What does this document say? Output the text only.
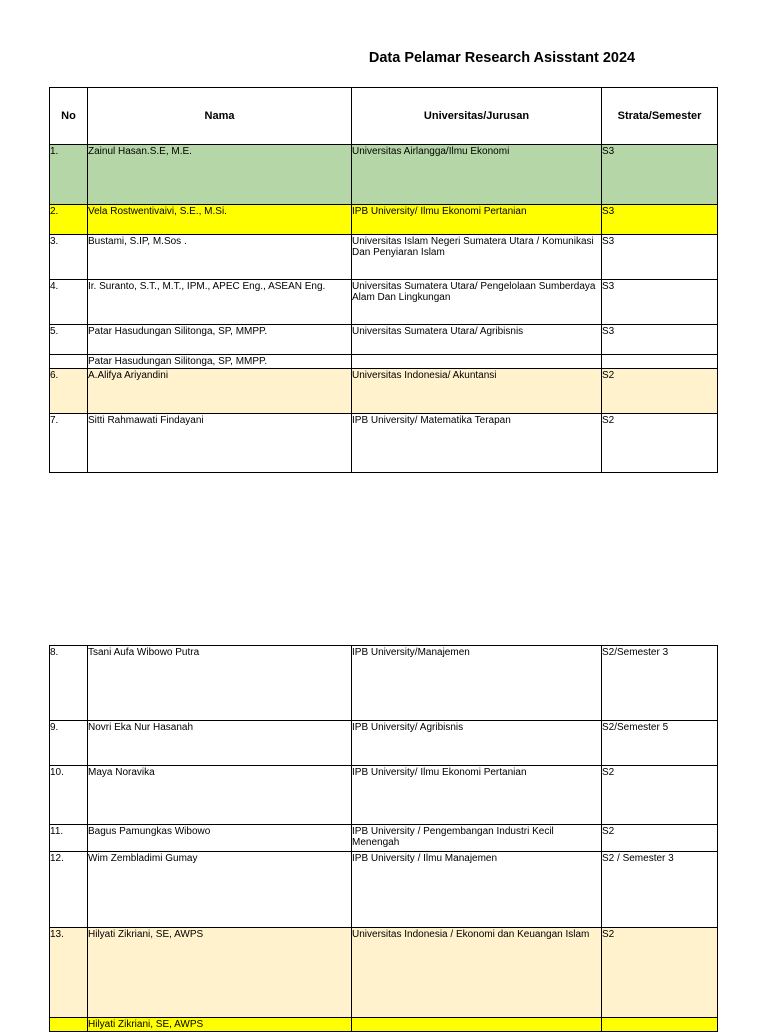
Data Pelamar Research Asisstant 2024
No	Nama	Universitas/Jurusan	Strata/Semester
1.	Zainul Hasan.S.E, M.E.	Universitas Airlangga/Ilmu Ekonomi	S3
2.	Vela Rostwentivaivi, S.E., M.Si.	IPB University/ Ilmu Ekonomi Pertanian	S3
3.	Bustami, S.IP, M.Sos .	Universitas Islam Negeri Sumatera Utara / Komunikasi Dan Penyiaran Islam	S3
4.	Ir. Suranto, S.T., M.T., IPM., APEC Eng., ASEAN Eng.	Universitas Sumatera Utara/ Pengelolaan Sumberdaya Alam Dan Lingkungan	S3
5.	Patar Hasudungan Silitonga, SP, MMPP.	Universitas Sumatera Utara/ Agribisnis	S3
	Patar Hasudungan Silitonga, SP, MMPP.		
6.	A.Alifya Ariyandini	Universitas Indonesia/ Akuntansi	S2
7.	Sitti Rahmawati Findayani	IPB University/ Matematika Terapan	S2
8.	Tsani Aufa Wibowo Putra	IPB University/Manajemen	S2/Semester 3
9.	Novri Eka Nur Hasanah	IPB University/ Agribisnis	S2/Semester 5
10.	Maya Noravika	IPB University/ Ilmu Ekonomi Pertanian	S2
11.	Bagus Pamungkas Wibowo	IPB University / Pengembangan Industri Kecil Menengah	S2
12.	Wim Zembladimi Gumay	IPB University / Ilmu Manajemen	S2 / Semester 3
13.	Hilyati Zikriani, SE, AWPS	Universitas Indonesia / Ekonomi dan Keuangan Islam	S2
	Hilyati Zikriani, SE, AWPS		
